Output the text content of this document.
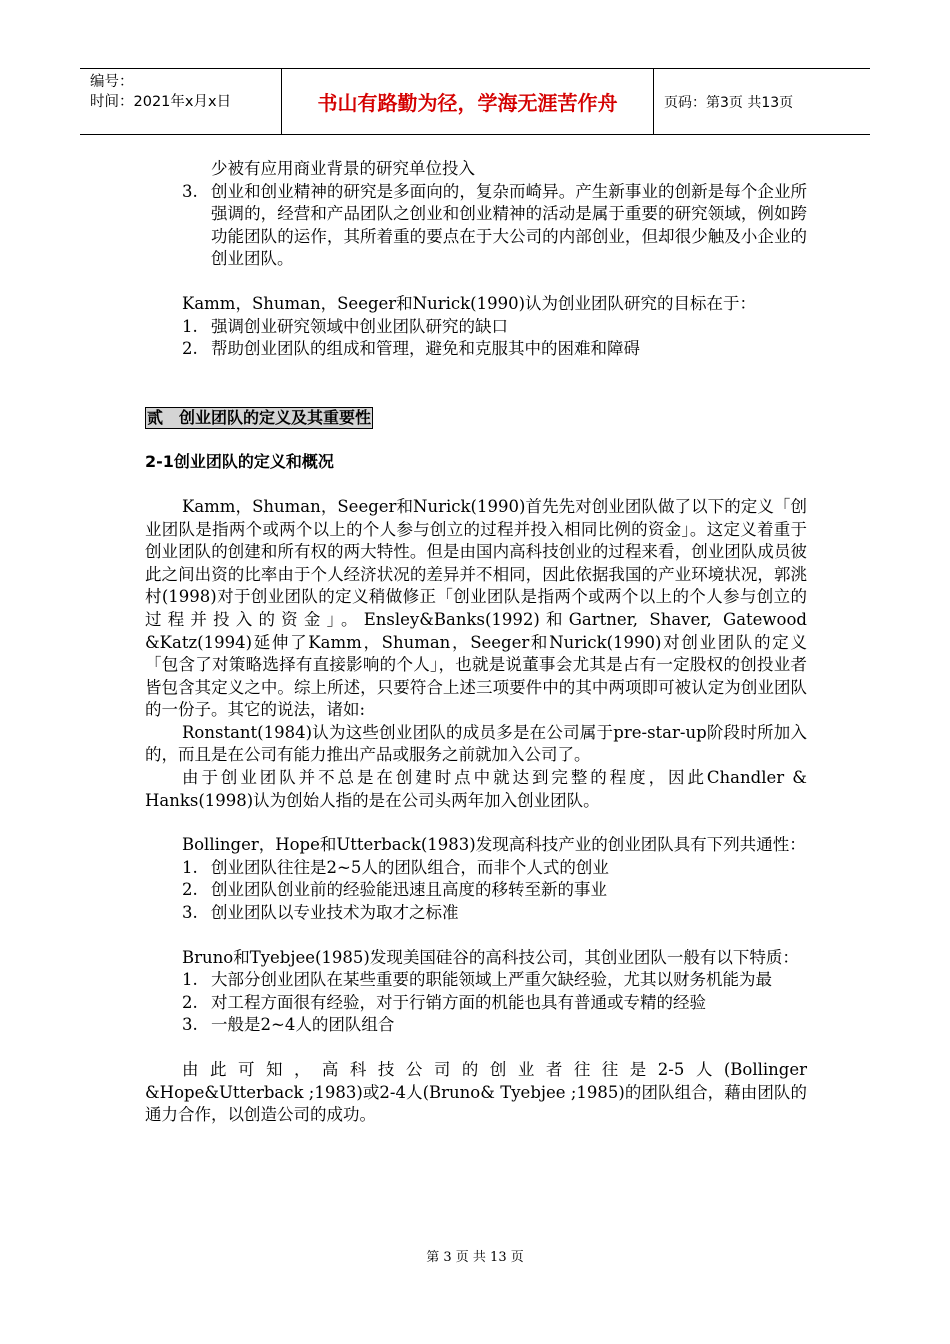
编号：
时间：2021年x月x日	书山有路勤为径，学海无涯苦作舟	页码：第3页 共13页

少被有应用商业背景的研究单位投入

3. 创业和创业精神的研究是多面向的，复杂而崎异。产生新事业的创新是每个企业所强调的，经营和产品团队之创业和创业精神的活动是属于重要的研究领域，例如跨功能团队的运作，其所着重的要点在于大公司的内部创业，但却很少触及小企业的创业团队。

Kamm，Shuman，Seeger和Nurick(1990)认为创业团队研究的目标在于：

1. 强调创业研究领域中创业团队研究的缺口
2. 帮助创业团队的组成和管理，避免和克服其中的困难和障碍
贰　创业团队的定义及其重要性

2-1创业团队的定义和概况

Kamm，Shuman，Seeger和Nurick(1990)首先先对创业团队做了以下的定义「创业团队是指两个或两个以上的个人参与创立的过程并投入相同比例的资金」。这定义着重于创业团队的创建和所有权的两大特性。但是由国内高科技创业的过程来看，创业团队成员彼此之间出资的比率由于个人经济状况的差异并不相同，因此依据我国的产业环境状况，郭洮村(1998)对于创业团队的定义稍做修正「创业团队是指两个或两个以上的个人参与创立的过程并投入的资金」。Ensley&Banks(1992)和Gartner, Shaver, Gatewood &Katz(1994)延伸了Kamm，Shuman，Seeger和Nurick(1990)对创业团队的定义「包含了对策略选择有直接影响的个人」，也就是说董事会尤其是占有一定股权的创投业者皆包含其定义之中。综上所述，只要符合上述三项要件中的其中两项即可被认定为创业团队的一份子。其它的说法，诸如:

Ronstant(1984)认为这些创业团队的成员多是在公司属于pre-star-up阶段时所加入的，而且是在公司有能力推出产品或服务之前就加入公司了。

由于创业团队并不总是在创建时点中就达到完整的程度，因此Chandler & Hanks(1998)认为创始人指的是在公司头两年加入创业团队。

Bollinger，Hope和Utterback(1983)发现高科技产业的创业团队具有下列共通性：

1. 创业团队往往是2~5人的团队组合，而非个人式的创业
2. 创业团队创业前的经验能迅速且高度的移转至新的事业
3. 创业团队以专业技术为取才之标准

Bruno和Tyebjee(1985)发现美国硅谷的高科技公司，其创业团队一般有以下特质：

1. 大部分创业团队在某些重要的职能领域上严重欠缺经验，尤其以财务机能为最
2. 对工程方面很有经验，对于行销方面的机能也具有普通或专精的经验
3. 一般是2~4人的团队组合

由此可知，高科技公司的创业者往往是2-5人(Bollinger

&Hope&Utterback ;1983)或2-4人(Bruno& Tyebjee ;1985)的团队组合，藉由团队的通力合作，以创造公司的成功。

第 3 页 共 13 页
